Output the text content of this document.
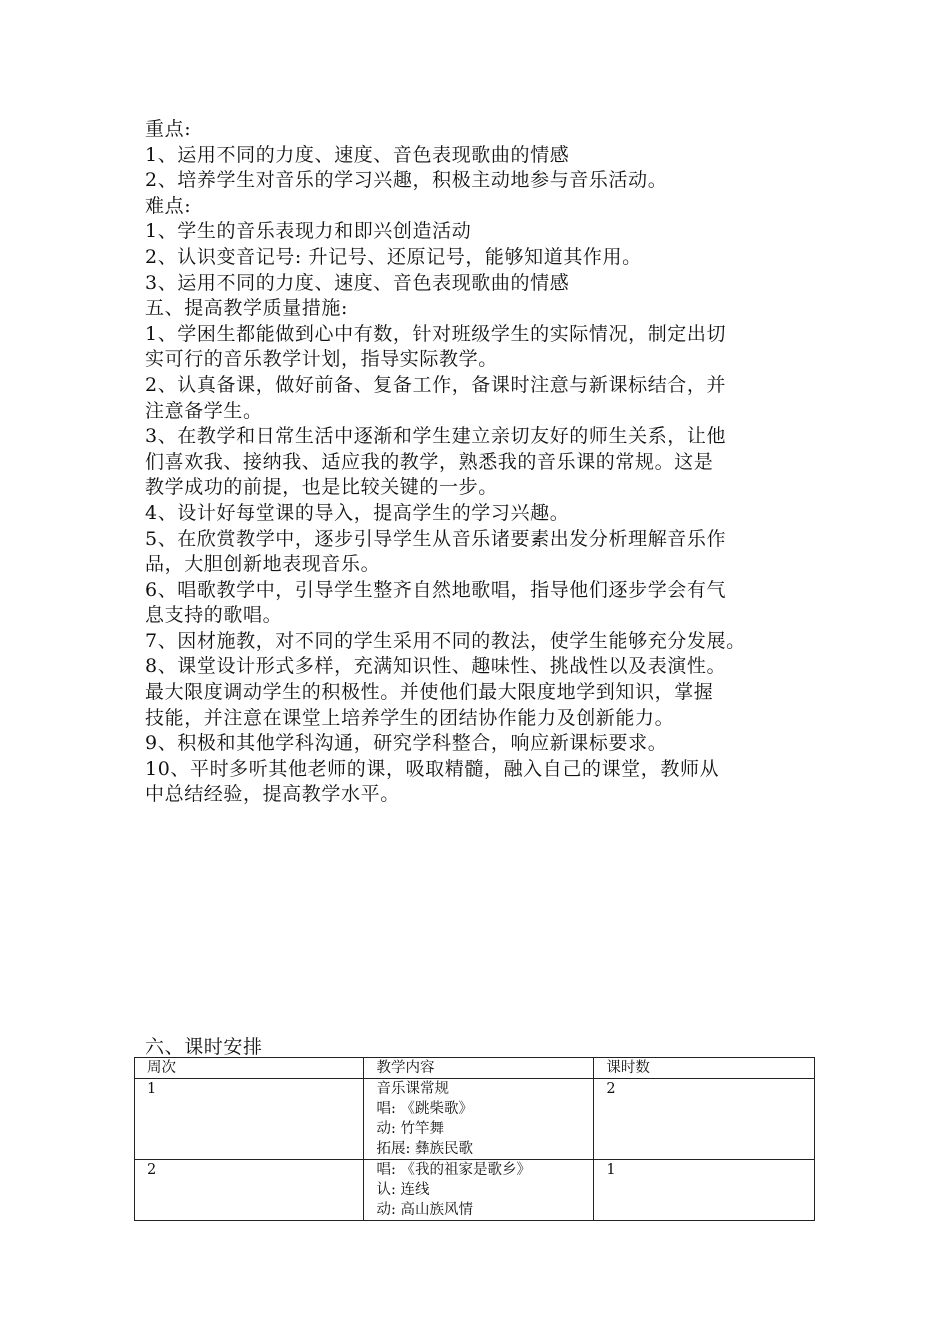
重点:

1、运用不同的力度、速度、音色表现歌曲的情感

2、培养学生对音乐的学习兴趣，积极主动地参与音乐活动。

难点:

1、学生的音乐表现力和即兴创造活动

2、认识变音记号: 升记号、还原记号，能够知道其作用。

3、运用不同的力度、速度、音色表现歌曲的情感

五、提高教学质量措施:

1、学困生都能做到心中有数，针对班级学生的实际情况，制定出切

实可行的音乐教学计划，指导实际教学。

2、认真备课，做好前备、复备工作，备课时注意与新课标结合，并

注意备学生。

3、在教学和日常生活中逐渐和学生建立亲切友好的师生关系，让他

们喜欢我、接纳我、适应我的教学，熟悉我的音乐课的常规。这是

教学成功的前提，也是比较关键的一步。

4、设计好每堂课的导入，提高学生的学习兴趣。

5、在欣赏教学中，逐步引导学生从音乐诸要素出发分析理解音乐作

品，大胆创新地表现音乐。

6、唱歌教学中，引导学生整齐自然地歌唱，指导他们逐步学会有气

息支持的歌唱。

7、因材施教，对不同的学生采用不同的教法，使学生能够充分发展。

8、课堂设计形式多样，充满知识性、趣味性、挑战性以及表演性。

最大限度调动学生的积极性。并使他们最大限度地学到知识，掌握

技能，并注意在课堂上培养学生的团结协作能力及创新能力。

9、积极和其他学科沟通，研究学科整合，响应新课标要求。

10、平时多听其他老师的课，吸取精髓，融入自己的课堂，教师从

中总结经验，提高教学水平。

六、课时安排
周次	教学内容	课时数
1	音乐课常规
唱: 《跳柴歌》
动: 竹竿舞
拓展: 彝族民歌	2
2	唱: 《我的祖家是歌乡》
认: 连线
动: 高山族风情	1
